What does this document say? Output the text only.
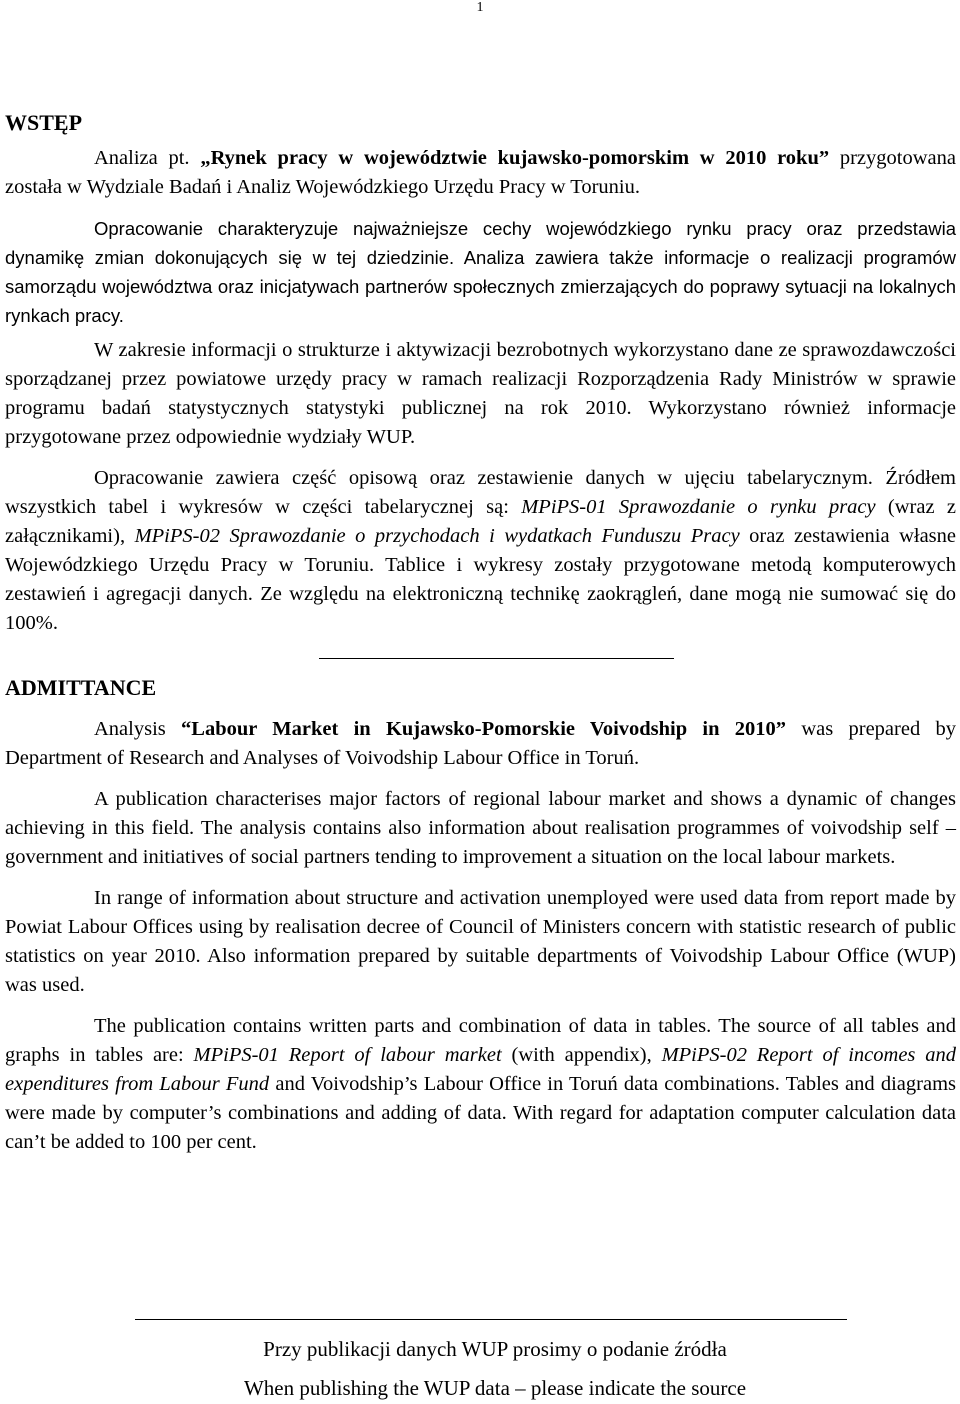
1
WSTĘP

Analiza pt. „Rynek pracy w województwie kujawsko-pomorskim w 2010 roku” przygotowana została w Wydziale Badań i Analiz Wojewódzkiego Urzędu Pracy w Toruniu.

Opracowanie charakteryzuje najważniejsze cechy wojewódzkiego rynku pracy oraz przedstawia dynamikę zmian dokonujących się w tej dziedzinie. Analiza zawiera także informacje o realizacji programów samorządu województwa oraz inicjatywach partnerów społecznych zmierzających do poprawy sytuacji na lokalnych rynkach pracy.

W zakresie informacji o strukturze i aktywizacji bezrobotnych wykorzystano dane ze sprawozdawczości sporządzanej przez powiatowe urzędy pracy w ramach realizacji Rozporządzenia Rady Ministrów w sprawie programu badań statystycznych statystyki publicznej na rok 2010. Wykorzystano również informacje przygotowane przez odpowiednie wydziały WUP.

Opracowanie zawiera część opisową oraz zestawienie danych w ujęciu tabelarycznym. Źródłem wszystkich tabel i wykresów w części tabelarycznej są: MPiPS-01 Sprawozdanie o rynku pracy (wraz z załącznikami), MPiPS-02 Sprawozdanie o przychodach i wydatkach Funduszu Pracy oraz zestawienia własne Wojewódzkiego Urzędu Pracy w Toruniu. Tablice i wykresy zostały przygotowane metodą komputerowych zestawień i agregacji danych. Ze względu na elektroniczną technikę zaokrągleń, dane mogą nie sumować się do 100%.

ADMITTANCE

Analysis “Labour Market in Kujawsko-Pomorskie Voivodship in 2010” was prepared by Department of Research and Analyses of Voivodship Labour Office in Toruń.

A publication characterises major factors of regional labour market and shows a dynamic of changes achieving in this field. The analysis contains also information about realisation programmes of voivodship self – government and initiatives of social partners tending to improvement a situation on the local labour markets.

In range of information about structure and activation unemployed were used data from report made by Powiat Labour Offices using by realisation decree of Council of Ministers concern with statistic research of public statistics on year 2010. Also information prepared by suitable departments of Voivodship Labour Office (WUP) was used.

The publication contains written parts and combination of data in tables. The source of all tables and graphs in tables are: MPiPS-01 Report of labour market (with appendix), MPiPS-02 Report of incomes and expenditures from Labour Fund and Voivodship’s Labour Office in Toruń data combinations. Tables and diagrams were made by computer’s combinations and adding of data. With regard for adaptation computer calculation data can’t be added to 100 per cent.

Przy publikacji danych WUP prosimy o podanie źródła
When publishing the WUP data – please indicate the source
